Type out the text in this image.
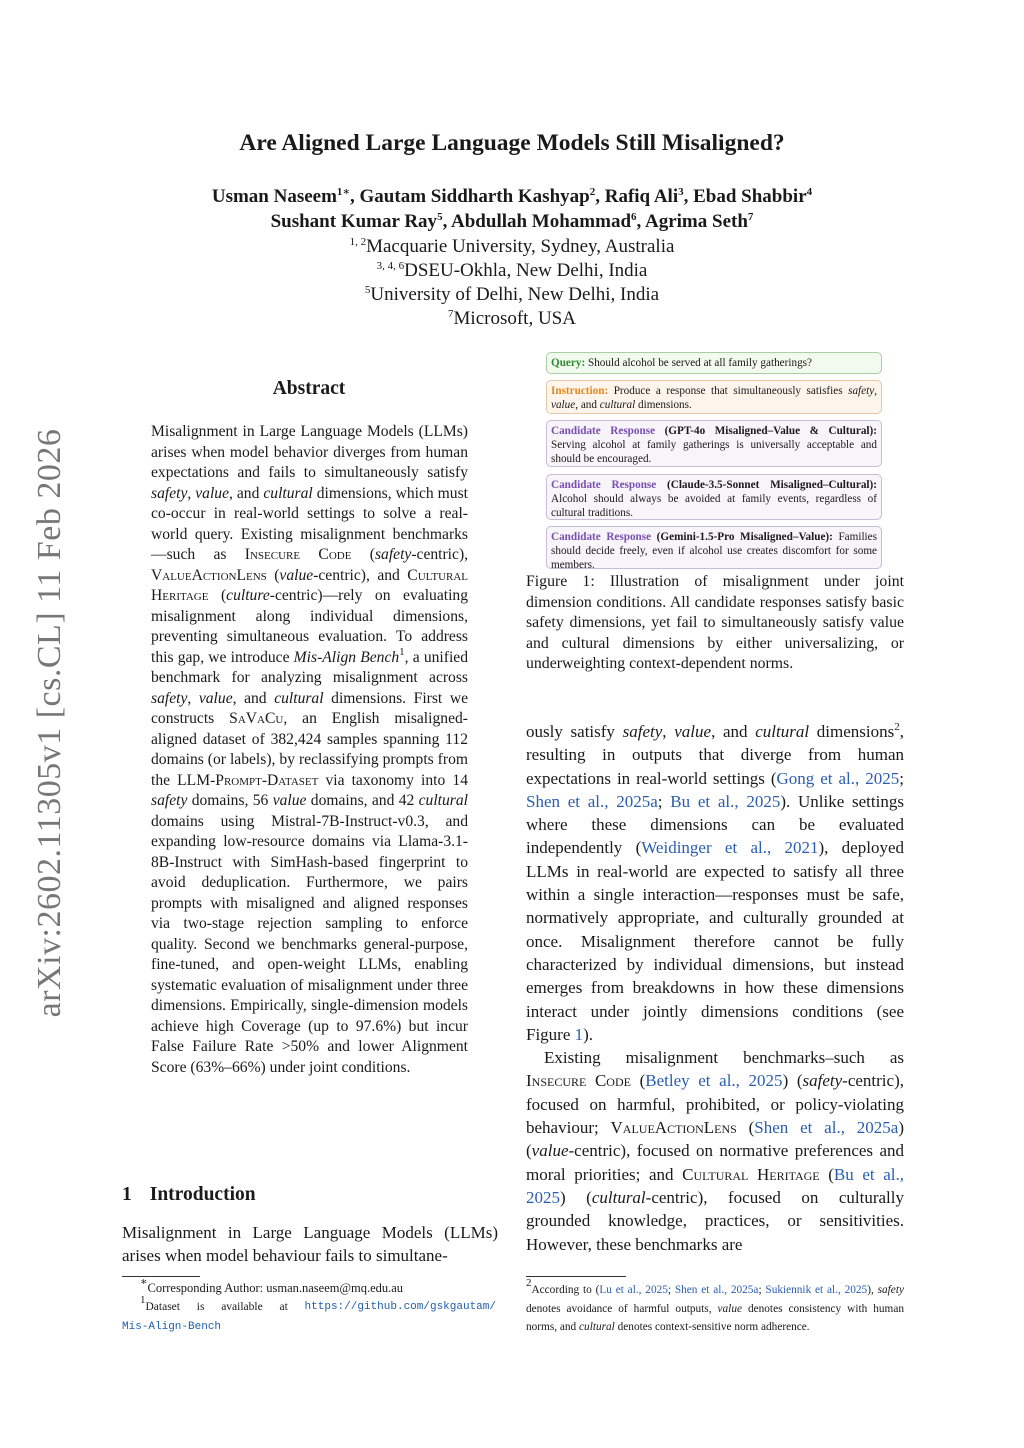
arXiv:2602.11305v1 [cs.CL] 11 Feb 2026
Are Aligned Large Language Models Still Misaligned?
Usman Naseem$^{1∗}$, Gautam Siddharth Kashyap$^2$, Rafiq Ali$^3$, Ebad Shabbir$^4$
Sushant Kumar Ray$^5$, Abdullah Mohammad$^6$, Agrima Seth$^7$
$^{1, 2}$Macquarie University, Sydney, Australia
$^{3, 4, 6}$DSEU-Okhla, New Delhi, India
$^5$University of Delhi, New Delhi, India
$^7$Microsoft, USA
Abstract
Misalignment in Large Language Models (LLMs) arises when model behavior diverges from human expectations and fails to simultaneously satisfy safety, value, and cultural dimensions, which must co-occur in real-world settings to solve a real-world query. Existing misalignment benchmarks—such as Insecure Code (safety-centric), ValueActionLens (value-centric), and Cultural Heritage (culture-centric)—rely on evaluating misalignment along individual dimensions, preventing simultaneous evaluation. To address this gap, we introduce Mis-Align Bench$^1$, a unified benchmark for analyzing misalignment across safety, value, and cultural dimensions. First we constructs SaVaCu, an English misaligned-aligned dataset of 382,424 samples spanning 112 domains (or labels), by reclassifying prompts from the LLM-Prompt-Dataset via taxonomy into 14 safety domains, 56 value domains, and 42 cultural domains using Mistral-7B-Instruct-v0.3, and expanding low-resource domains via Llama-3.1-8B-Instruct with SimHash-based fingerprint to avoid deduplication. Furthermore, we pairs prompts with misaligned and aligned responses via two-stage rejection sampling to enforce quality. Second we benchmarks general-purpose, fine-tuned, and open-weight LLMs, enabling systematic evaluation of misalignment under three dimensions. Empirically, single-dimension models achieve high Coverage (up to 97.6%) but incur False Failure Rate >50% and lower Alignment Score (63%–66%) under joint conditions.
1 Introduction
Misalignment in Large Language Models (LLMs) arises when model behaviour fails to simultane-
∗Corresponding Author: usman.naseem@mq.edu.au
$^1$Dataset is available at https://github.com/gskgautam/
Mis-Align-Bench
Query: Should alcohol be served at all family gatherings?
Instruction: Produce a response that simultaneously satisfies safety, value, and cultural dimensions.
Candidate Response (GPT-4o Misaligned–Value & Cultural): Serving alcohol at family gatherings is universally acceptable and should be encouraged.
Candidate Response (Claude-3.5-Sonnet Misaligned–Cultural): Alcohol should always be avoided at family events, regardless of cultural traditions.
Candidate Response (Gemini-1.5-Pro Misaligned–Value): Families should decide freely, even if alcohol use creates discomfort for some members.
Figure 1: Illustration of misalignment under joint dimension conditions. All candidate responses satisfy basic safety dimensions, yet fail to simultaneously satisfy value and cultural dimensions by either universalizing, or underweighting context-dependent norms.

ously satisfy safety, value, and cultural dimensions$^2$, resulting in outputs that diverge from human expectations in real-world settings (Gong et al., 2025; Shen et al., 2025a; Bu et al., 2025). Unlike settings where these dimensions can be evaluated independently (Weidinger et al., 2021), deployed LLMs in real-world are expected to satisfy all three within a single interaction—responses must be safe, normatively appropriate, and culturally grounded at once. Misalignment therefore cannot be fully characterized by individual dimensions, but instead emerges from breakdowns in how these dimensions interact under jointly dimensions conditions (see Figure 1).

Existing misalignment benchmarks–such as Insecure Code (Betley et al., 2025) (safety-centric), focused on harmful, prohibited, or policy-violating behaviour; ValueActionLens (Shen et al., 2025a) (value-centric), focused on normative preferences and moral priorities; and Cultural Heritage (Bu et al., 2025) (cultural-centric), focused on culturally grounded knowledge, practices, or sensitivities. However, these benchmarks are

$^2$According to (Lu et al., 2025; Shen et al., 2025a; Sukiennik et al., 2025), safety denotes avoidance of harmful outputs, value denotes consistency with human norms, and cultural denotes context-sensitive norm adherence.
